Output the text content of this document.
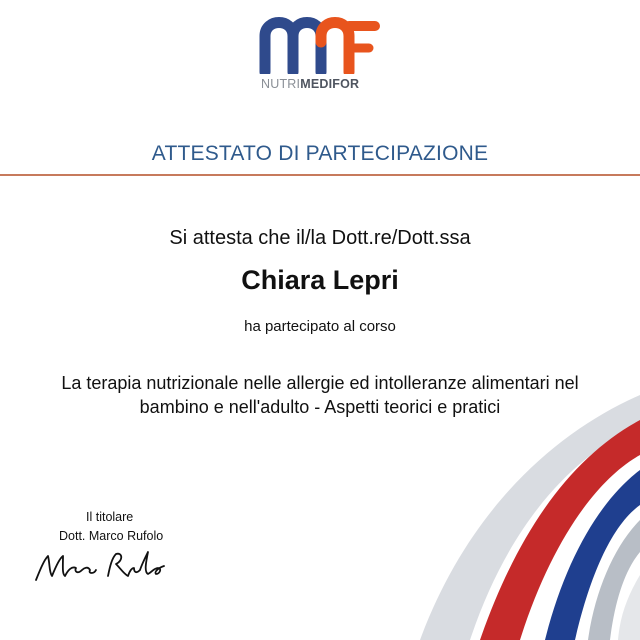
NUTRIMEDIFOR
ATTESTATO DI PARTECIPAZIONE
Si attesta che il/la Dott.re/Dott.ssa
Chiara Lepri
ha partecipato al corso
La terapia nutrizionale nelle allergie ed intolleranze alimentari nel
bambino e nell'adulto - Aspetti teorici e pratici
Il titolare
Dott. Marco Rufolo
